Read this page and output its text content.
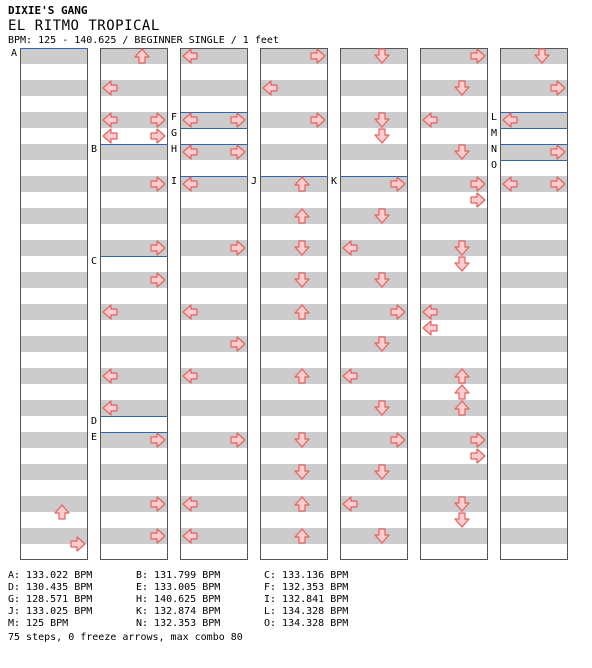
DIXIE'S GANG
EL RITMO TROPICAL
BPM: 125 - 140.625 / BEGINNER SINGLE / 1 feet
A
B
C
D
E
F
G
H
I	J	K
L
M
N
O
A: 133.022 BPM	B: 131.799 BPM	C: 133.136 BPM
D: 130.435 BPM	E: 133.005 BPM	F: 132.353 BPM
G: 128.571 BPM	H: 140.625 BPM	I: 132.841 BPM
J: 133.025 BPM	K: 132.874 BPM	L: 134.328 BPM
M: 125 BPM	N: 132.353 BPM	O: 134.328 BPM
75 steps, 0 freeze arrows, max combo 80
